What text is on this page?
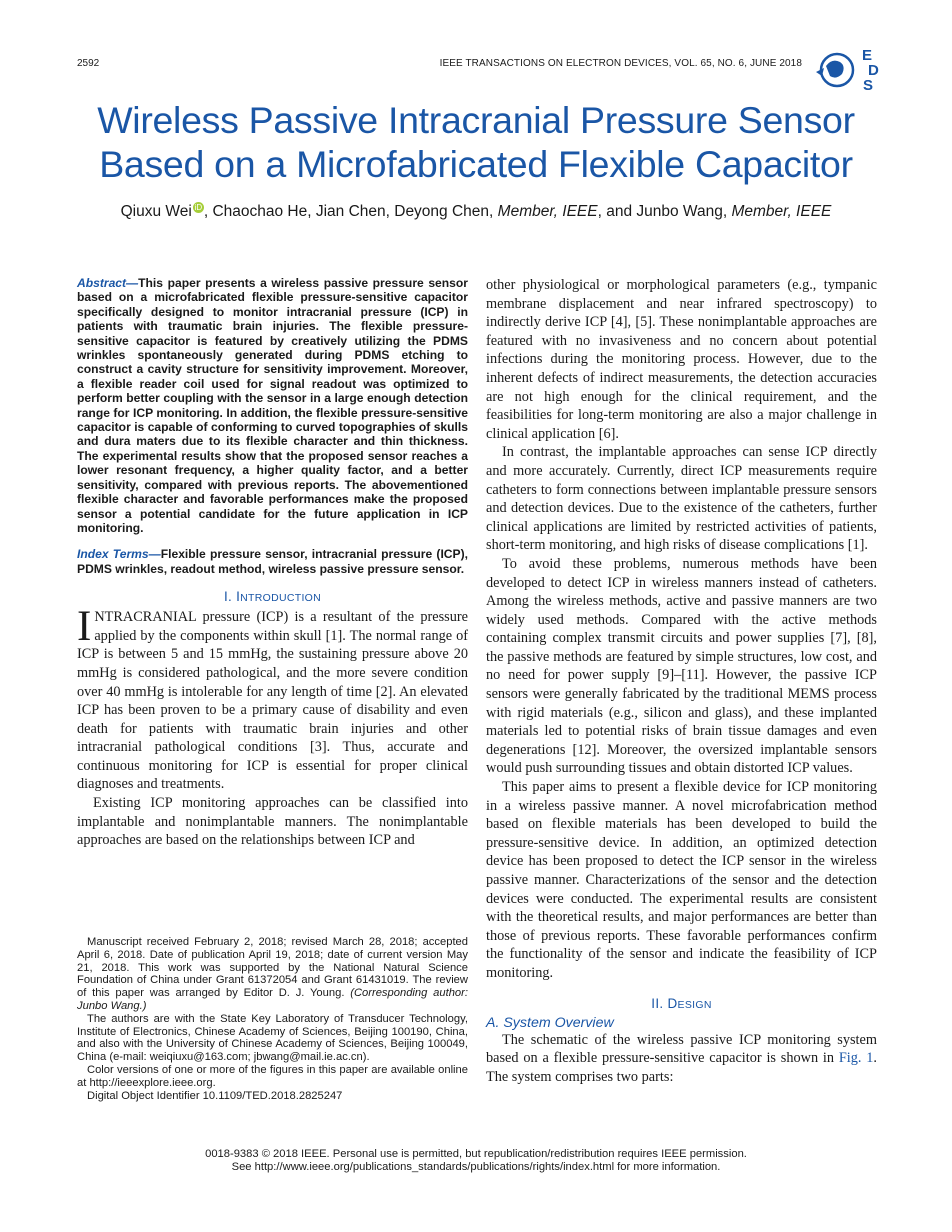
2592	IEEE TRANSACTIONS ON ELECTRON DEVICES, VOL. 65, NO. 6, JUNE 2018	E
D
S
Wireless Passive Intracranial Pressure Sensor
Based on a Microfabricated Flexible Capacitor
Qiuxu Wei iD , Chaochao He, Jian Chen, Deyong Chen, Member, IEEE, and Junbo Wang, Member, IEEE
Abstract—This paper presents a wireless passive pressure sensor based on a microfabricated flexible pressure-sensitive capacitor specifically designed to monitor intracranial pressure (ICP) in patients with traumatic brain injuries. The flexible pressure-sensitive capacitor is featured by creatively utilizing the PDMS wrinkles spontaneously generated during PDMS etching to construct a cavity structure for sensitivity improvement. Moreover, a flexible reader coil used for signal readout was optimized to perform better coupling with the sensor in a large enough detection range for ICP monitoring. In addition, the flexible pressure-sensitive capacitor is capable of conforming to curved topographies of skulls and dura maters due to its flexible character and thin thickness. The experimental results show that the proposed sensor reaches a lower resonant frequency, a higher quality factor, and a better sensitivity, compared with previous reports. The abovementioned flexible character and favorable performances make the proposed sensor a potential candidate for the future application in ICP monitoring.
Index Terms—Flexible pressure sensor, intracranial pressure (ICP), PDMS wrinkles, readout method, wireless passive pressure sensor.
I. INTRODUCTION
INTRACRANIAL pressure (ICP) is a resultant of the pressure applied by the components within skull [1]. The normal range of ICP is between 5 and 15 mmHg, the sustaining pressure above 20 mmHg is considered pathological, and the more severe condition over 40 mmHg is intolerable for any length of time [2]. An elevated ICP has been proven to be a primary cause of disability and even death for patients with traumatic brain injuries and other intracranial pathological conditions [3]. Thus, accurate and continuous monitoring for ICP is essential for proper clinical diagnoses and treatments.
Existing ICP monitoring approaches can be classified into implantable and nonimplantable manners. The nonimplantable approaches are based on the relationships between ICP and
Manuscript received February 2, 2018; revised March 28, 2018; accepted April 6, 2018. Date of publication April 19, 2018; date of current version May 21, 2018. This work was supported by the National Natural Science Foundation of China under Grant 61372054 and Grant 61431019. The review of this paper was arranged by Editor D. J. Young. (Corresponding author: Junbo Wang.)
The authors are with the State Key Laboratory of Transducer Technology, Institute of Electronics, Chinese Academy of Sciences, Beijing 100190, China, and also with the University of Chinese Academy of Sciences, Beijing 100049, China (e-mail: weiqiuxu@163.com; jbwang@mail.ie.ac.cn).
Color versions of one or more of the figures in this paper are available online at http://ieeexplore.ieee.org.
Digital Object Identifier 10.1109/TED.2018.2825247
other physiological or morphological parameters (e.g., tympanic membrane displacement and near infrared spectroscopy) to indirectly derive ICP [4], [5]. These nonimplantable approaches are featured with no invasiveness and no concern about potential infections during the monitoring process. However, due to the inherent defects of indirect measurements, the detection accuracies are not high enough for the clinical requirement, and the feasibilities for long-term monitoring are also a major challenge in clinical application [6].
In contrast, the implantable approaches can sense ICP directly and more accurately. Currently, direct ICP measurements require catheters to form connections between implantable pressure sensors and detection devices. Due to the existence of the catheters, further clinical applications are limited by restricted activities of patients, short-term monitoring, and high risks of disease complications [1].
To avoid these problems, numerous methods have been developed to detect ICP in wireless manners instead of catheters. Among the wireless methods, active and passive manners are two widely used methods. Compared with the active methods containing complex transmit circuits and power supplies [7], [8], the passive methods are featured by simple structures, low cost, and no need for power supply [9]–[11]. However, the passive ICP sensors were generally fabricated by the traditional MEMS process with rigid materials (e.g., silicon and glass), and these implanted materials led to potential risks of brain tissue damages and even degenerations [12]. Moreover, the oversized implantable sensors would push surrounding tissues and obtain distorted ICP values.
This paper aims to present a flexible device for ICP monitoring in a wireless passive manner. A novel microfabrication method based on flexible materials has been developed to build the pressure-sensitive device. In addition, an optimized detection device has been proposed to detect the ICP sensor in the wireless passive manner. Characterizations of the sensor and the detection devices were conducted. The experimental results are consistent with the theoretical results, and major performances are better than those of previous reports. These favorable performances confirm the functionality of the sensor and indicate the feasibility of ICP monitoring.
II. DESIGN
A. System Overview
The schematic of the wireless passive ICP monitoring system based on a flexible pressure-sensitive capacitor is shown in Fig. 1. The system comprises two parts:
0018-9383 © 2018 IEEE. Personal use is permitted, but republication/redistribution requires IEEE permission.
See http://www.ieee.org/publications_standards/publications/rights/index.html for more information.
